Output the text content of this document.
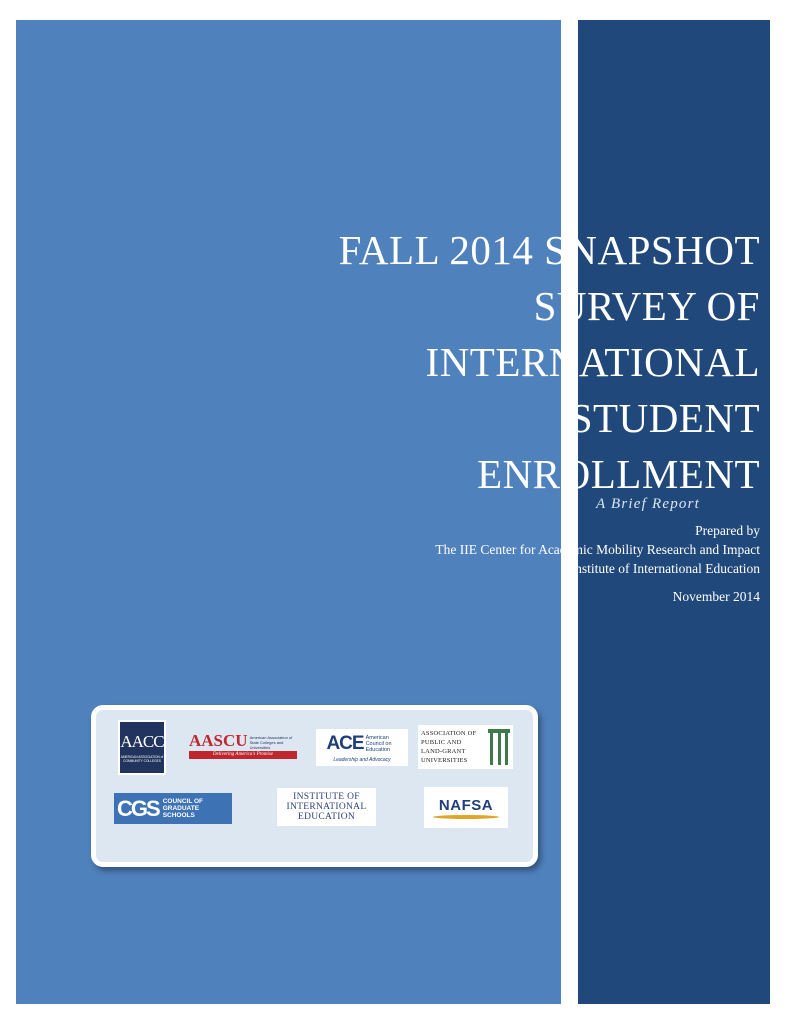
A Brief Report
FALL 2014 SNAPSHOT
SURVEY OF
INTERNATIONAL
STUDENT
ENROLLMENT
Prepared by
The IIE Center for Academic Mobility Research and Impact
Institute of International Education
November 2014
AACC
AMERICAN ASSOCIATION of COMMUNITY COLLEGES
AASCU American Association of State Colleges and Universities
Delivering America's Promise
ACE American Council on Education
Leadership and Advocacy
ASSOCIATION OF
PUBLIC AND
LAND-GRANT
UNIVERSITIES
CGS COUNCIL OF
GRADUATE SCHOOLS
INSTITUTE OF
INTERNATIONAL
EDUCATION
NAFSA
